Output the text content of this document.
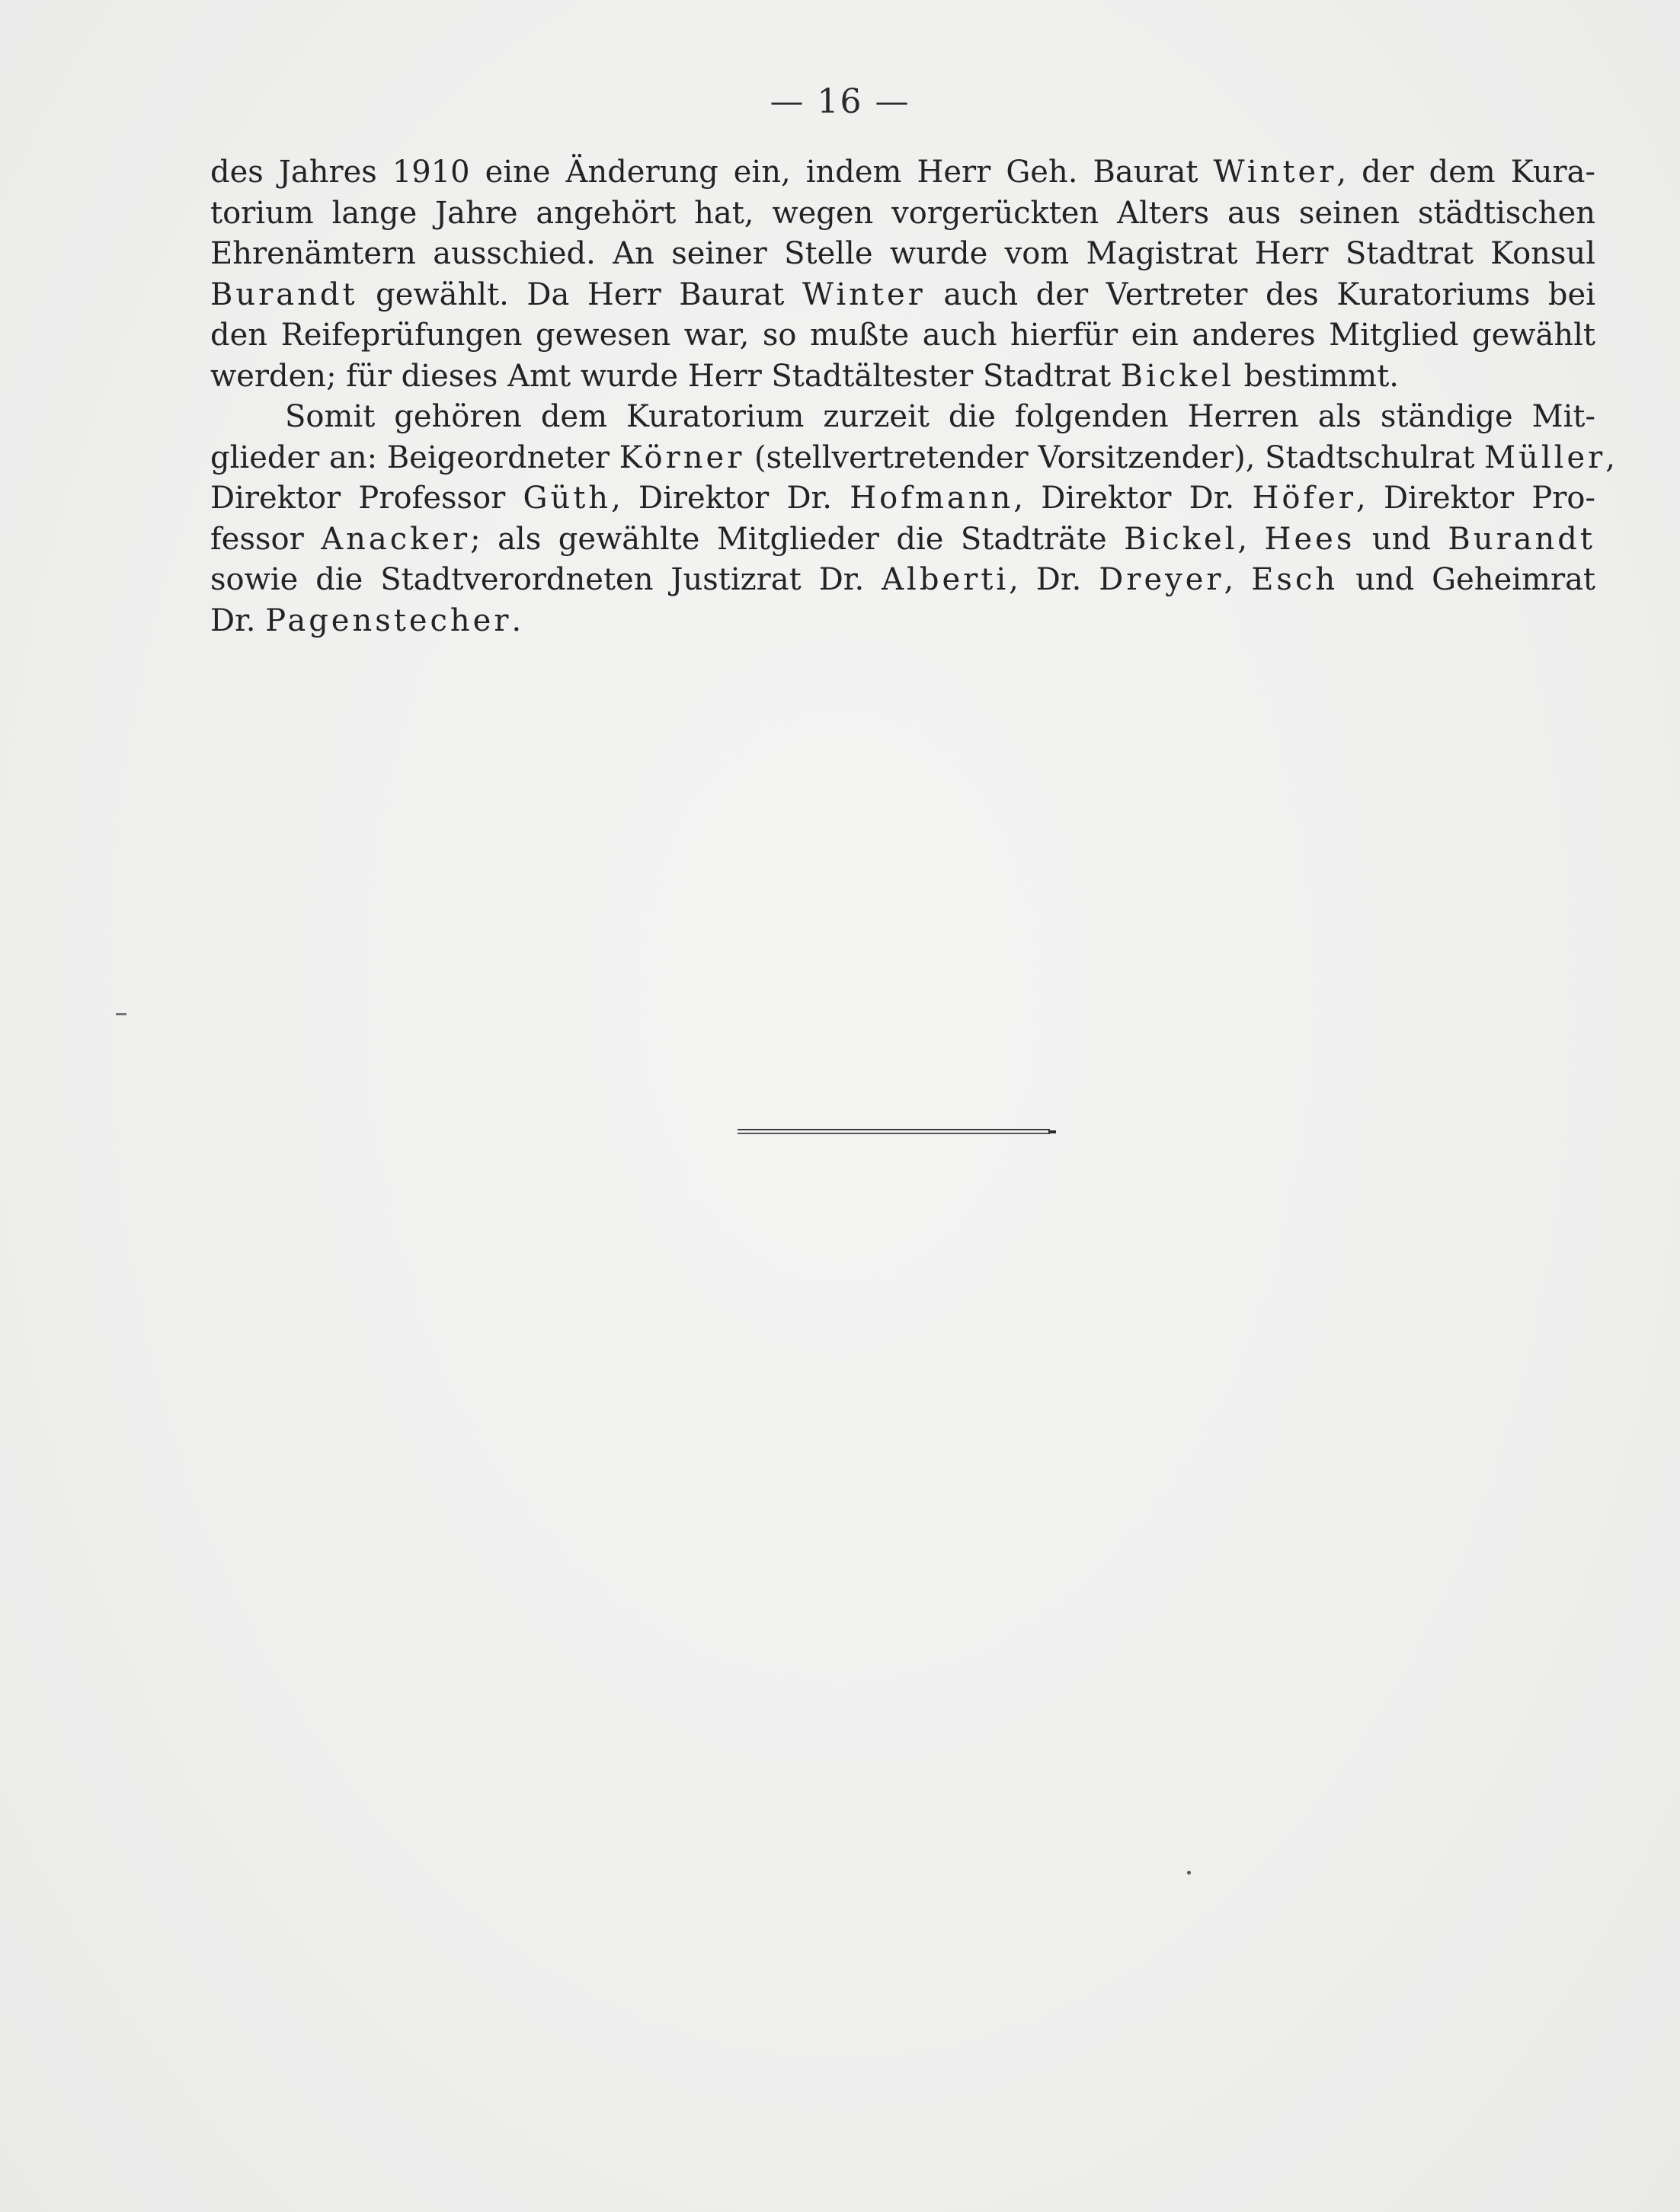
— 16 —
des Jahres 1910 eine Änderung ein, indem Herr Geh. Baurat Winter, der dem Kura-
torium lange Jahre angehört hat, wegen vorgerückten Alters aus seinen städtischen
Ehrenämtern ausschied. An seiner Stelle wurde vom Magistrat Herr Stadtrat Konsul
Burandt gewählt. Da Herr Baurat Winter auch der Vertreter des Kuratoriums bei
den Reifeprüfungen gewesen war, so mußte auch hierfür ein anderes Mitglied gewählt
werden; für dieses Amt wurde Herr Stadtältester Stadtrat Bickel bestimmt.
Somit gehören dem Kuratorium zurzeit die folgenden Herren als ständige Mit-
glieder an: Beigeordneter Körner (stellvertretender Vorsitzender), Stadtschulrat Müller,
Direktor Professor Güth, Direktor Dr. Hofmann, Direktor Dr. Höfer, Direktor Pro-
fessor Anacker; als gewählte Mitglieder die Stadträte Bickel, Hees und Burandt
sowie die Stadtverordneten Justizrat Dr. Alberti, Dr. Dreyer, Esch und Geheimrat
Dr. Pagenstecher.
